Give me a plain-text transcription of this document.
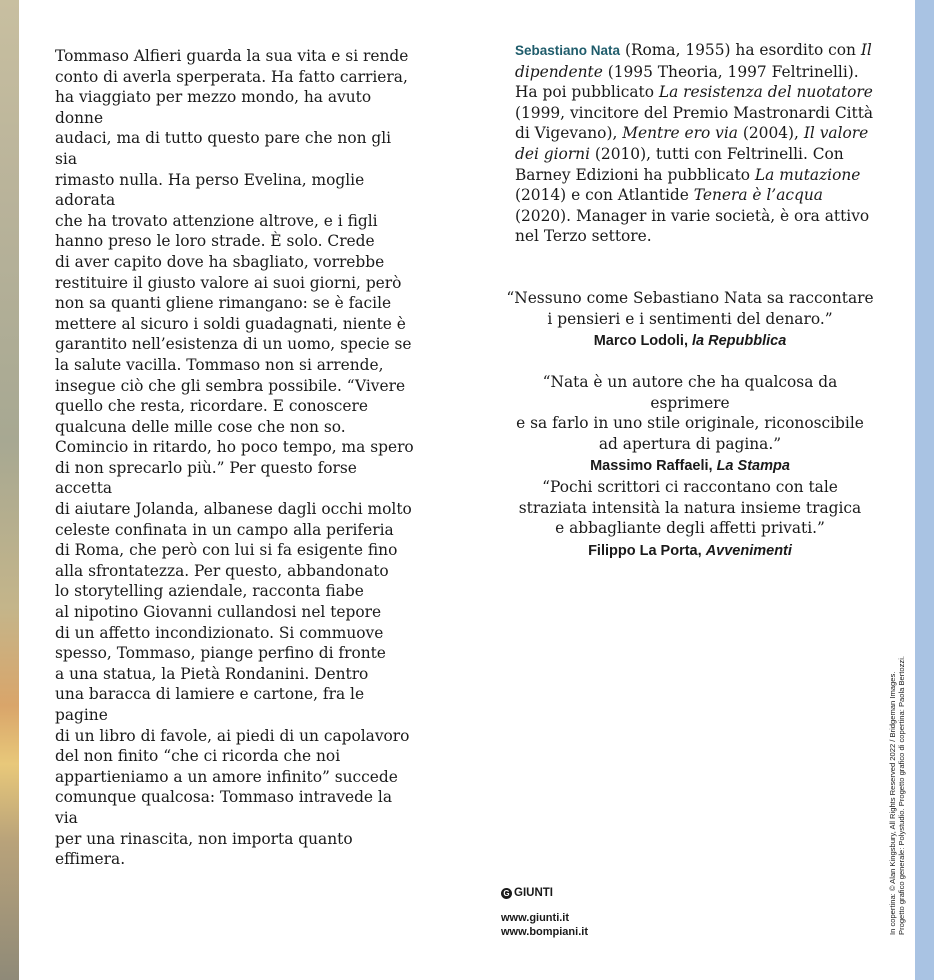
Tommaso Alfieri guarda la sua vita e si rende
conto di averla sperperata. Ha fatto carriera,
ha viaggiato per mezzo mondo, ha avuto donne
audaci, ma di tutto questo pare che non gli sia
rimasto nulla. Ha perso Evelina, moglie adorata
che ha trovato attenzione altrove, e i figli
hanno preso le loro strade. È solo. Crede
di aver capito dove ha sbagliato, vorrebbe
restituire il giusto valore ai suoi giorni, però
non sa quanti gliene rimangano: se è facile
mettere al sicuro i soldi guadagnati, niente è
garantito nell’esistenza di un uomo, specie se
la salute vacilla. Tommaso non si arrende,
insegue ciò che gli sembra possibile. “Vivere
quello che resta, ricordare. E conoscere
qualcuna delle mille cose che non so.
Comincio in ritardo, ho poco tempo, ma spero
di non sprecarlo più.” Per questo forse accetta
di aiutare Jolanda, albanese dagli occhi molto
celeste confinata in un campo alla periferia
di Roma, che però con lui si fa esigente fino
alla sfrontatezza. Per questo, abbandonato
lo storytelling aziendale, racconta fiabe
al nipotino Giovanni cullandosi nel tepore
di un affetto incondizionato. Si commuove
spesso, Tommaso, piange perfino di fronte
a una statua, la Pietà Rondanini. Dentro
una baracca di lamiere e cartone, fra le pagine
di un libro di favole, ai piedi di un capolavoro
del non finito “che ci ricorda che noi
appartieniamo a un amore infinito” succede
comunque qualcosa: Tommaso intravede la via
per una rinascita, non importa quanto effimera.

Sebastiano Nata (Roma, 1955) ha esordito con Il dipendente (1995 Theoria, 1997 Feltrinelli). Ha poi pubblicato La resistenza del nuotatore (1999, vincitore del Premio Mastronardi Città di Vigevano), Mentre ero via (2004), Il valore dei giorni (2010), tutti con Feltrinelli. Con Barney Edizioni ha pubblicato La mutazione (2014) e con Atlantide Tenera è l’acqua (2020). Manager in varie società, è ora attivo nel Terzo settore.

“Nessuno come Sebastiano Nata sa raccontare
i pensieri e i sentimenti del denaro.”

Marco Lodoli, la Repubblica

“Nata è un autore che ha qualcosa da esprimere
e sa farlo in uno stile originale, riconoscibile
ad apertura di pagina.”

Massimo Raffaeli, La Stampa

“Pochi scrittori ci raccontano con tale
straziata intensità la natura insieme tragica
e abbagliante degli affetti privati.”

Filippo La Porta, Avvenimenti
G GIUNTI
www.giunti.it
www.bompiani.it	In copertina: © Alan Kingsbury, All Rights Reserved 2022 / Bridgeman Images. Progetto grafico generale: Polystudio. Progetto grafico di copertina: Paola Bertozzi.
